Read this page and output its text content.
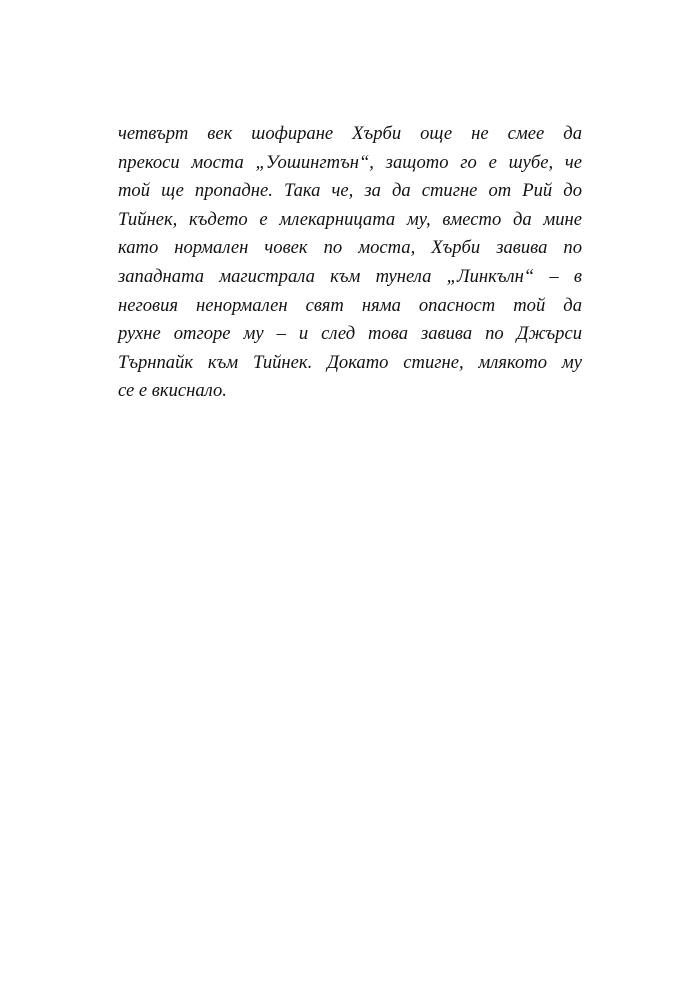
четвърт век шофиране Хърби още не смее да
прекоси моста „Уошингтън“, защото го е шубе, че
той ще пропадне. Така че, за да стигне от Рий до
Тийнек, където е млекарницата му, вместо да мине
като нормален човек по моста, Хърби завива по
западната магистрала към тунела „Линкълн“ – в
неговия ненормален свят няма опасност той да
рухне отгоре му – и след това завива по Джърси
Търнпайк към Тийнек. Докато стигне, млякото му
се е вкиснало.
